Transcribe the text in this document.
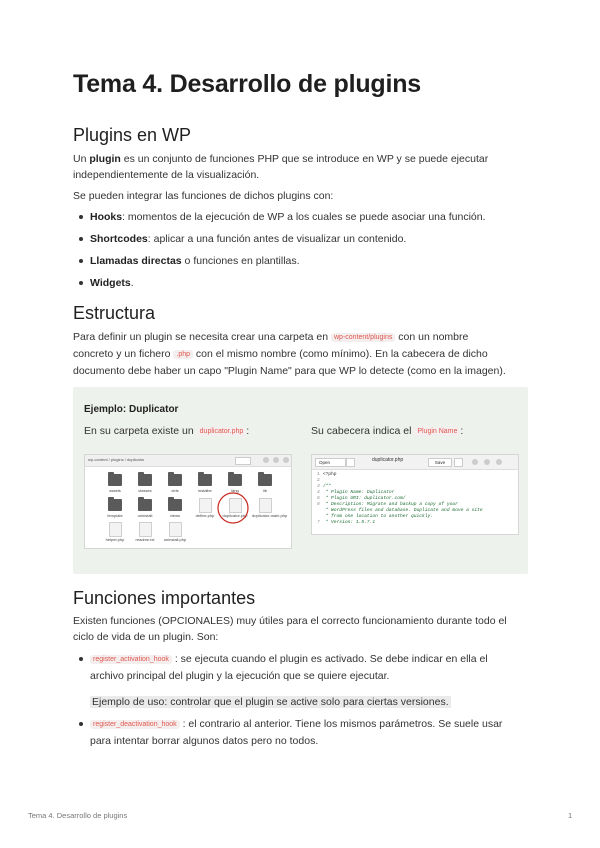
Tema 4. Desarrollo de plugins
Plugins en WP

Un plugin es un conjunto de funciones PHP que se introduce en WP y se puede ejecutar
independientemente de la visualización.

Se pueden integrar las funciones de dichos plugins con:

Hooks: momentos de la ejecución de WP a los cuales se puede asociar una función.
Shortcodes: aplicar a una función antes de visualizar un contenido.
Llamadas directas o funciones en plantillas.
Widgets.
Estructura

Para definir un plugin se necesita crear una carpeta en wp-content/plugins con un nombre
concreto y un fichero .php con el mismo nombre (como mínimo). En la cabecera de dicho
documento debe haber un capo "Plugin Name" para que WP lo detecte (como en la imagen).

Ejemplo: Duplicator
En su carpeta existe un duplicator.php :	Su cabecera indica el Plugin Name :
wp-content / plugins / duplicator
assets	classes	ctrls	installer	lang	lib
template	uninstall	views	define.php	duplicator.php duplicator-main.php
helper.php	readme.txt	uninstall.php
Open	duplicator.php	Save
1 <?php
2
3 /**
4 * Plugin Name: Duplicator
5 * Plugin URI: duplicator.com/
6 * Description: Migrate and backup a copy of your
* WordPress files and database. Duplicate and move a site
* from one location to another quickly.
7 * Version: 1.5.7.1
Funciones importantes

Existen funciones (OPCIONALES) muy útiles para el correcto funcionamiento durante todo el
ciclo de vida de un plugin. Son:

register_activation_hook : se ejecuta cuando el plugin es activado. Se debe indicar en ella el
archivo principal del plugin y la ejecución que se quiere ejecutar.
Ejemplo de uso: controlar que el plugin se active solo para ciertas versiones.
register_deactivation_hook : el contrario al anterior. Tiene los mismos parámetros. Se suele usar
para intentar borrar algunos datos pero no todos.
Tema 4. Desarrollo de plugins	1
